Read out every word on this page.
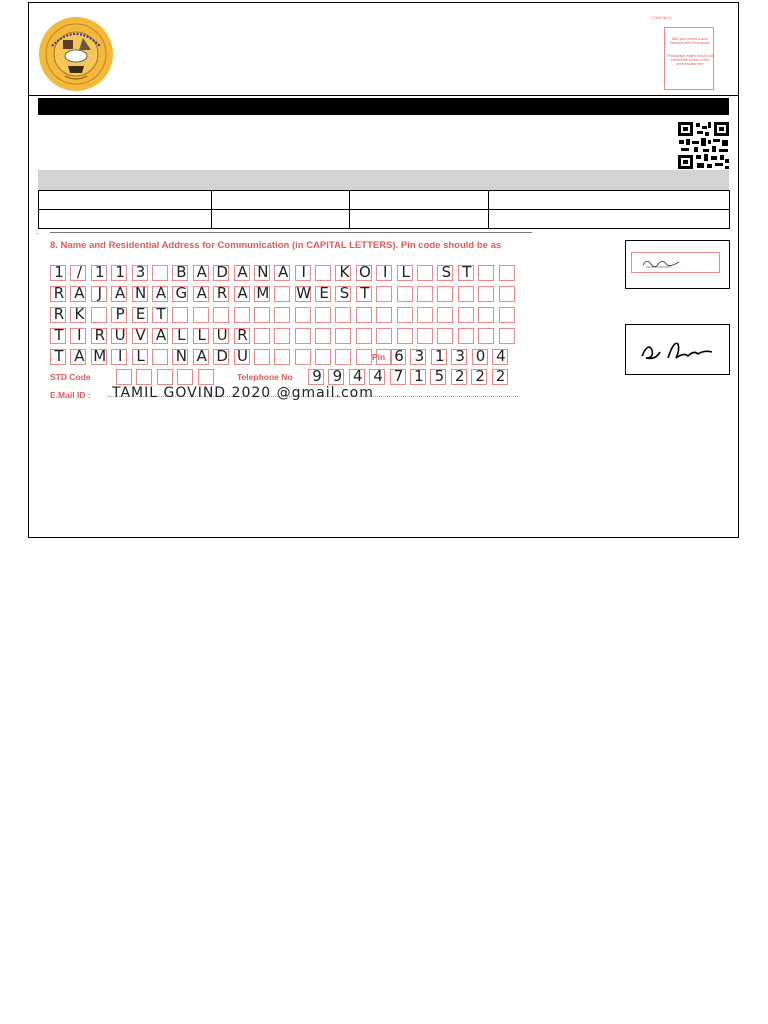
I.Roll No. 1
Affix your recent Colour Passport size Photograph
Photograph edges should not exceed the portion of the area shaded here

-
8. Name and Residential Address for Communication (in CAPITAL LETTERS). Pin code should be as
1 / 1 1 3 B A D A N A I	K O I L S T
R A J A N A G A R A M W E S T
R K P E T
T I R U V A L L U R
T A M I L N A D U	Pin 6 3 1 3 0 4
STD Code	Telephone No 9 9 4 4 7 1 5 2 2 2
E.Mail ID : TAMIL GOVIND 2020 @gmail.com
